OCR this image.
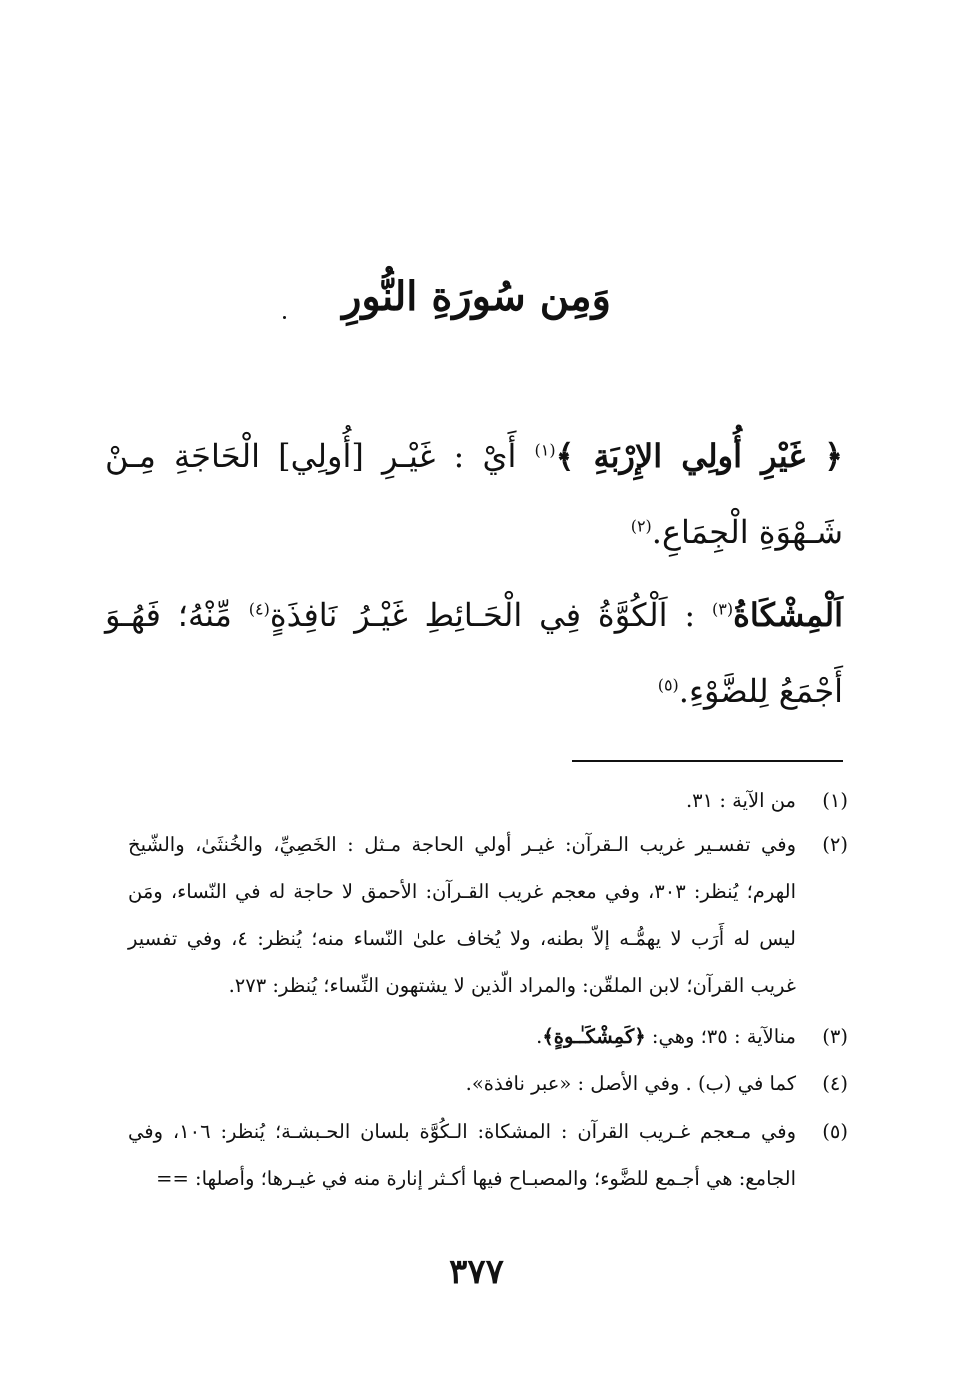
وَمِن سُورَةِ النُّورِ
﴿ غَيْرِ أُولِي الإِرْبَةِ ﴾$^{(١)}$ أَيْ : غَيْـرِ [أُولِي] الْحَاجَةِ مِـنْ شَـهْوَةِ الْجِمَاعِ.$^{(٢)}$
اَلْمِشْكَاةُ$^{(٣)}$ : اَلْكُوَّةُ فِي الْحَـائِطِ غَيْـرُ نَافِذَةٍ$^{(٤)}$ مِّنْهُ؛ فَهُـوَ أَجْمَعُ لِلضَّوْءِ.$^{(٥)}$
(١)
من الآية : ٣١.
(٢)
وفي تفسـير غريب الـقرآن: غيـر أولي الحاجة مـثل : الخَصِيِّ، والخُنثَىٰ، والشّيخ الهرم؛ يُنظر: ٣٠٣، وفي معجم غريب القـرآن: الأحمق لا حاجة له في النّساء، ومَن ليس له أَرَب لا يهمُّـه إلاّ بطنه، ولا يُخاف علىٰ النّساء منه؛ يُنظر: ٤، وفي تفسير غريب القرآن؛ لابن الملقّن: والمراد الّذين لا يشتهون النِّساء؛ يُنظر: ٢٧٣.
(٣)
منالآية : ٣٥؛ وهي: ﴿كَمِشْكَـٰـوةٍ﴾.
(٤)
كما في (ب) . وفي الأصل : «عبر نافذة».
(٥)
وفي مـعجم غـريب القرآن : المشكاة: الـكُوَّة بلسان الحـبشـة؛ يُنظر: ١٠٦، وفي الجامع: هي أجـمع للضَّوء؛ والمصبـاح فيها أكـثر إنارة منه في غيـرها؛ وأصلها: ==
٣٧٧
